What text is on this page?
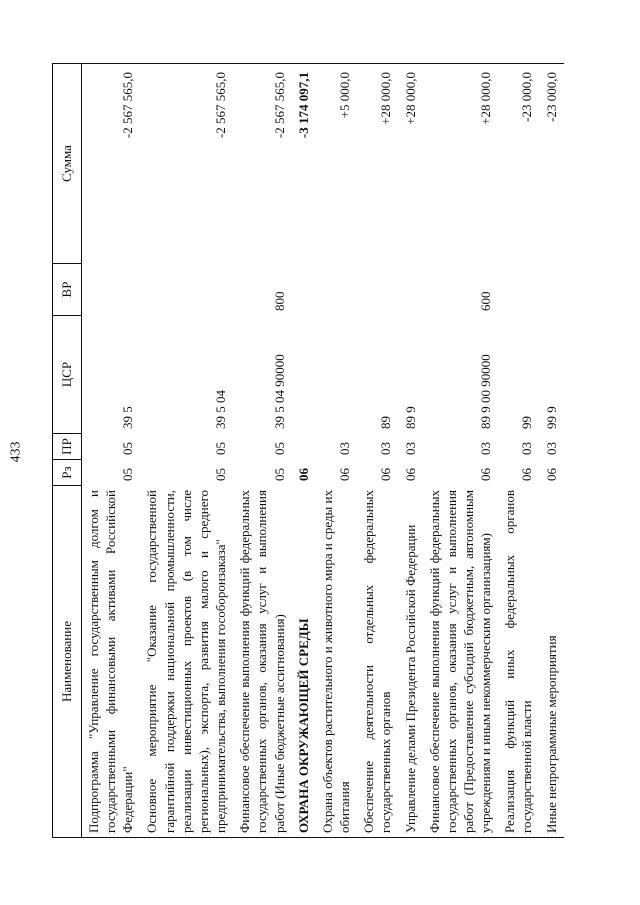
433
Наименование	Рз	ПР	ЦСР	ВР	Сумма
Подпрограмма "Управление государственным долгом и государственными финансовыми активами Российской Федерации"	05	05	39 5		-2 567 565,0
Основное мероприятие "Оказание государственной гарантийной поддержки национальной промышленности, реализации инвестиционных проектов (в том числе региональных), экспорта, развития малого и среднего предпринимательства, выполнения гособоронзаказа"	05	05	39 5 04		-2 567 565,0
Финансовое обеспечение выполнения функций федеральных государственных органов, оказания услуг и выполнения работ (Иные бюджетные ассигнования)	05	05	39 5 04 90000	800	-2 567 565,0
ОХРАНА ОКРУЖАЮЩЕЙ СРЕДЫ	06				-3 174 097,1
Охрана объектов растительного и животного мира и среды их обитания	06	03			+5 000,0
Обеспечение деятельности отдельных федеральных государственных органов	06	03	89		+28 000,0
Управление делами Президента Российской Федерации	06	03	89 9		+28 000,0
Финансовое обеспечение выполнения функций федеральных государственных органов, оказания услуг и выполнения работ (Предоставление субсидий бюджетным, автономным учреждениям и иным некоммерческим организациям)	06	03	89 9 00 90000	600	+28 000,0
Реализация функций иных федеральных органов государственной власти	06	03	99		-23 000,0
Иные непрограммные мероприятия	06	03	99 9		-23 000,0
